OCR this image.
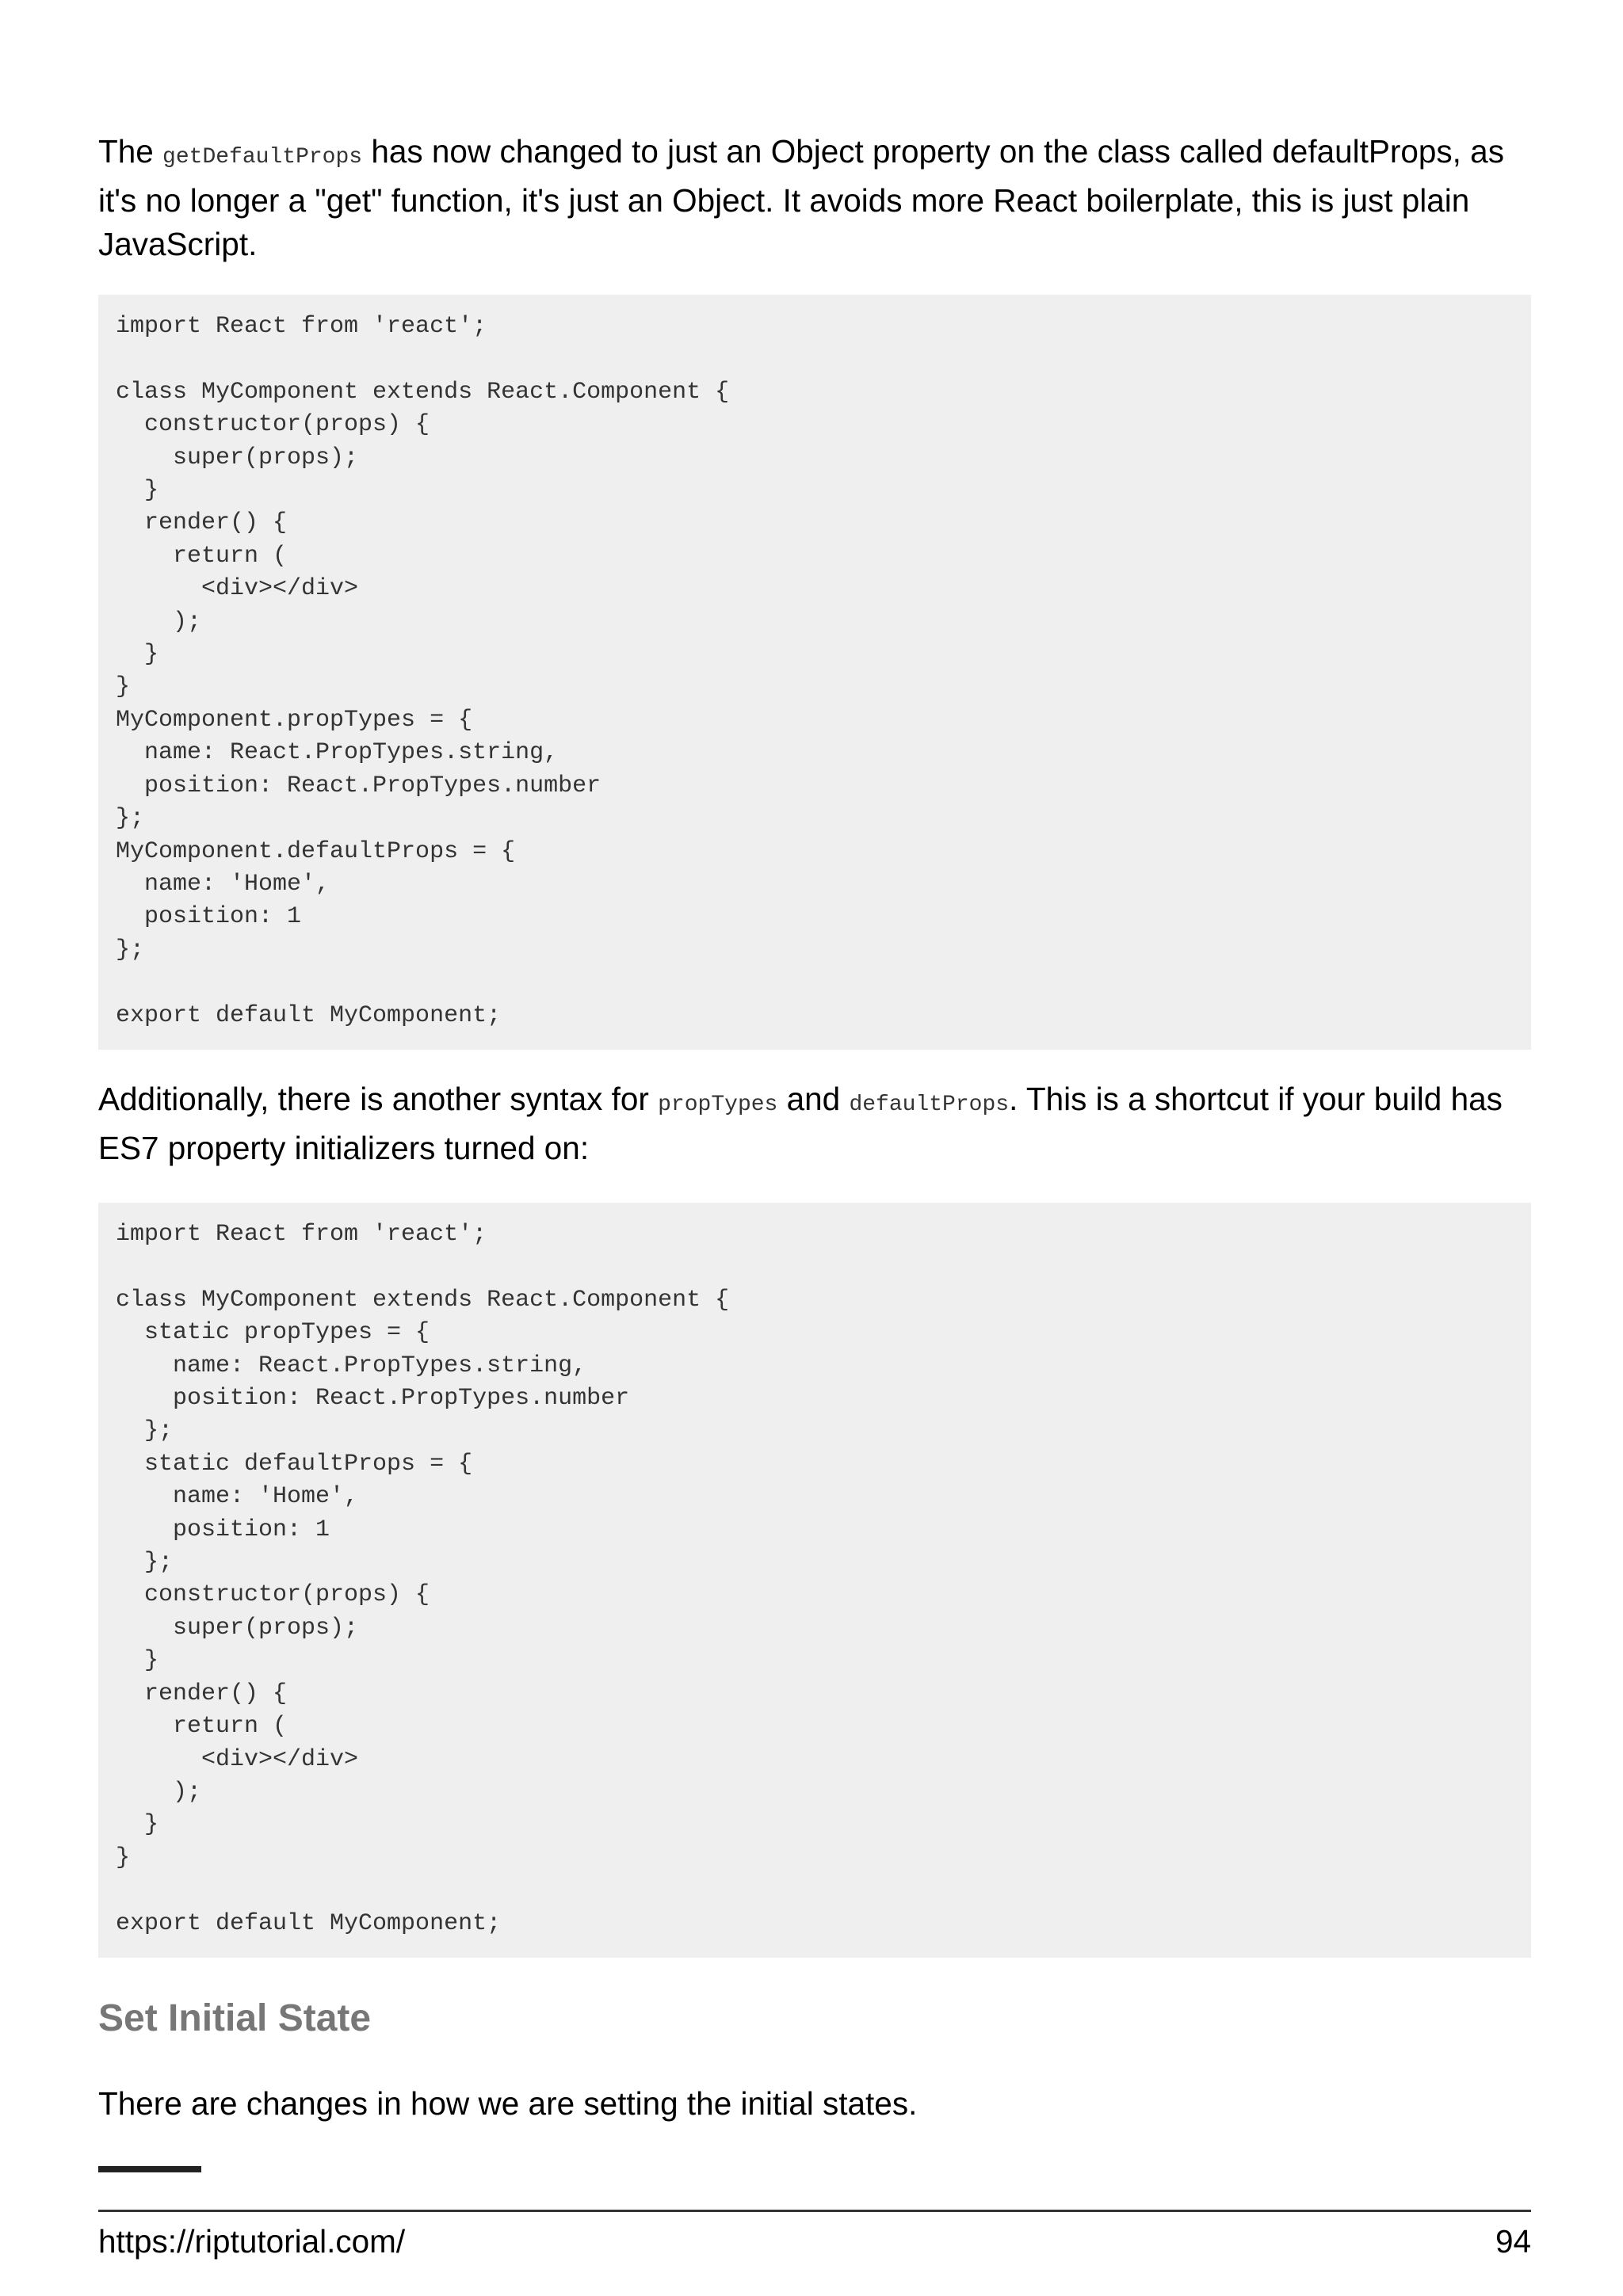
The getDefaultProps has now changed to just an Object property on the class called defaultProps, as it's no longer a "get" function, it's just an Object. It avoids more React boilerplate, this is just plain JavaScript.

import React from 'react';

class MyComponent extends React.Component {
constructor(props) {
super(props);
}
render() {
return (
<div></div>
);
}
}
MyComponent.propTypes = {
name: React.PropTypes.string,
position: React.PropTypes.number
};
MyComponent.defaultProps = {
name: 'Home',
position: 1
};

export default MyComponent;

Additionally, there is another syntax for propTypes and defaultProps. This is a shortcut if your build has ES7 property initializers turned on:

import React from 'react';

class MyComponent extends React.Component {
static propTypes = {
name: React.PropTypes.string,
position: React.PropTypes.number
};
static defaultProps = {
name: 'Home',
position: 1
};
constructor(props) {
super(props);
}
render() {
return (
<div></div>
);
}
}

export default MyComponent;
Set Initial State

There are changes in how we are setting the initial states.

https://riptutorial.com/	94
